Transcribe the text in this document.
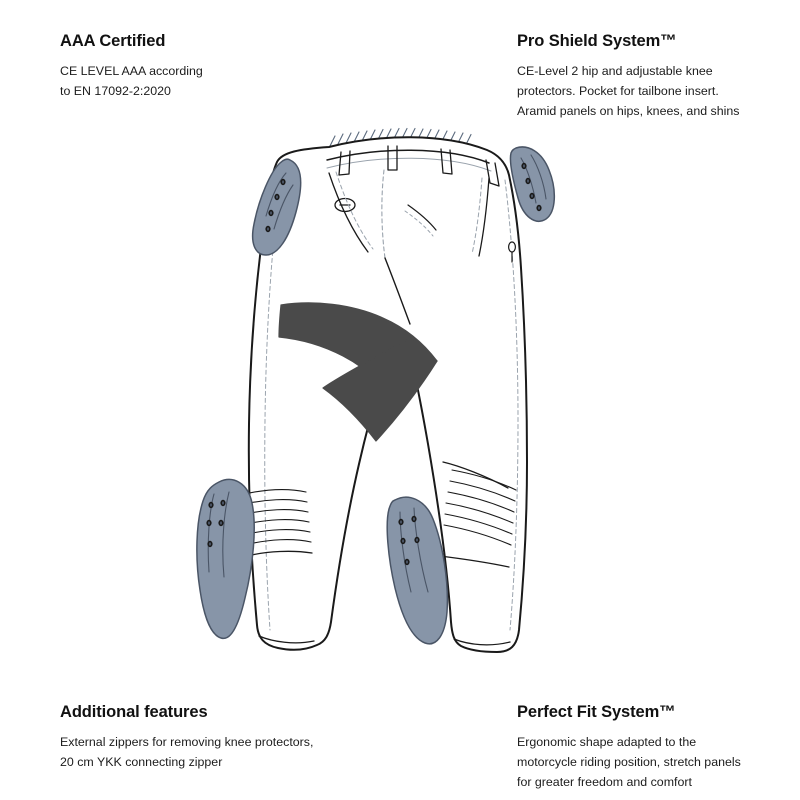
AAA Certified

CE LEVEL AAA according
to EN 17092-2:2020

Pro Shield System™

CE-Level 2 hip and adjustable knee
protectors. Pocket for tailbone insert.
Aramid panels on hips, knees, and shins

Additional features

External zippers for removing knee protectors,
20 cm YKK connecting zipper

Perfect Fit System™

Ergonomic shape adapted to the
motorcycle riding position, stretch panels
for greater freedom and comfort
